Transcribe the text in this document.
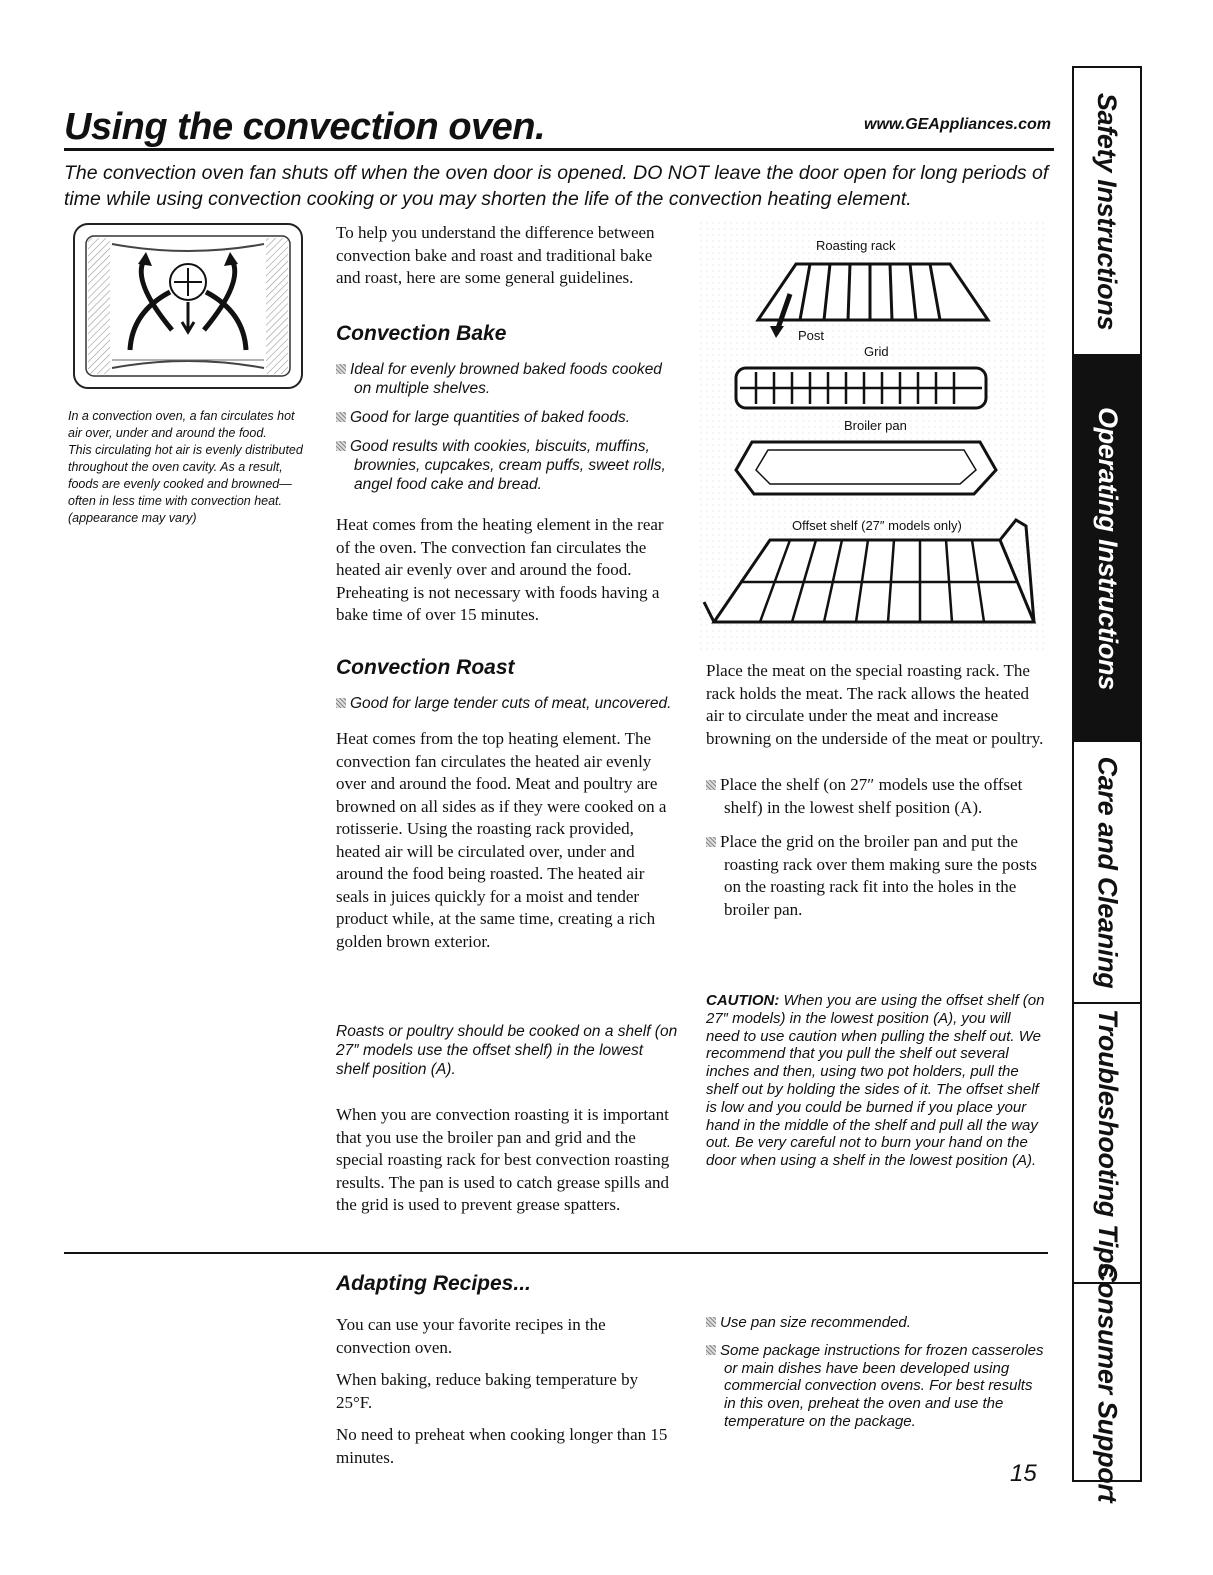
Using the convection oven.	www.GEAppliances.com
The convection oven fan shuts off when the oven door is opened. DO NOT leave the door open for long periods of time while using convection cooking or you may shorten the life of the convection heating element.

In a convection oven, a fan circulates hot air over, under and around the food.

This circulating hot air is evenly distributed throughout the oven cavity. As a result, foods are evenly cooked and browned—often in less time with convection heat.

(appearance may vary)

To help you understand the difference between convection bake and roast and traditional bake and roast, here are some general guidelines.
Convection Bake

Ideal for evenly browned baked foods cooked on multiple shelves.

Good for large quantities of baked foods.

Good results with cookies, biscuits, muffins, brownies, cupcakes, cream puffs, sweet rolls, angel food cake and bread.

Heat comes from the heating element in the rear of the oven. The convection fan circulates the heated air evenly over and around the food. Preheating is not necessary with foods having a bake time of over 15 minutes.
Convection Roast

Good for large tender cuts of meat, uncovered.

Heat comes from the top heating element. The convection fan circulates the heated air evenly over and around the food. Meat and poultry are browned on all sides as if they were cooked on a rotisserie. Using the roasting rack provided, heated air will be circulated over, under and around the food being roasted. The heated air seals in juices quickly for a moist and tender product while, at the same time, creating a rich golden brown exterior.
Roasts or poultry should be cooked on a shelf (on 27″ models use the offset shelf) in the lowest shelf position (A).
When you are convection roasting it is important that you use the broiler pan and grid and the special roasting rack for best convection roasting results. The pan is used to catch grease spills and the grid is used to prevent grease spatters.
Roasting rack
Post
Grid
Broiler pan
Offset shelf (27″ models only)
Place the meat on the special roasting rack. The rack holds the meat. The rack allows the heated air to circulate under the meat and increase browning on the underside of the meat or poultry.

Place the shelf (on 27″ models use the offset shelf) in the lowest shelf position (A).

Place the grid on the broiler pan and put the roasting rack over them making sure the posts on the roasting rack fit into the holes in the broiler pan.

CAUTION: When you are using the offset shelf (on 27″ models) in the lowest position (A), you will need to use caution when pulling the shelf out. We recommend that you pull the shelf out several inches and then, using two pot holders, pull the shelf out by holding the sides of it. The offset shelf is low and you could be burned if you place your hand in the middle of the shelf and pull all the way out. Be very careful not to burn your hand on the door when using a shelf in the lowest position (A).
Adapting Recipes...

You can use your favorite recipes in the convection oven.

When baking, reduce baking temperature by 25°F.

No need to preheat when cooking longer than 15 minutes.

Use pan size recommended.

Some package instructions for frozen casseroles or main dishes have been developed using commercial convection ovens. For best results in this oven, preheat the oven and use the temperature on the package.

15
Safety Instructions
Operating Instructions
Care and Cleaning
Troubleshooting Tips
Consumer Support
